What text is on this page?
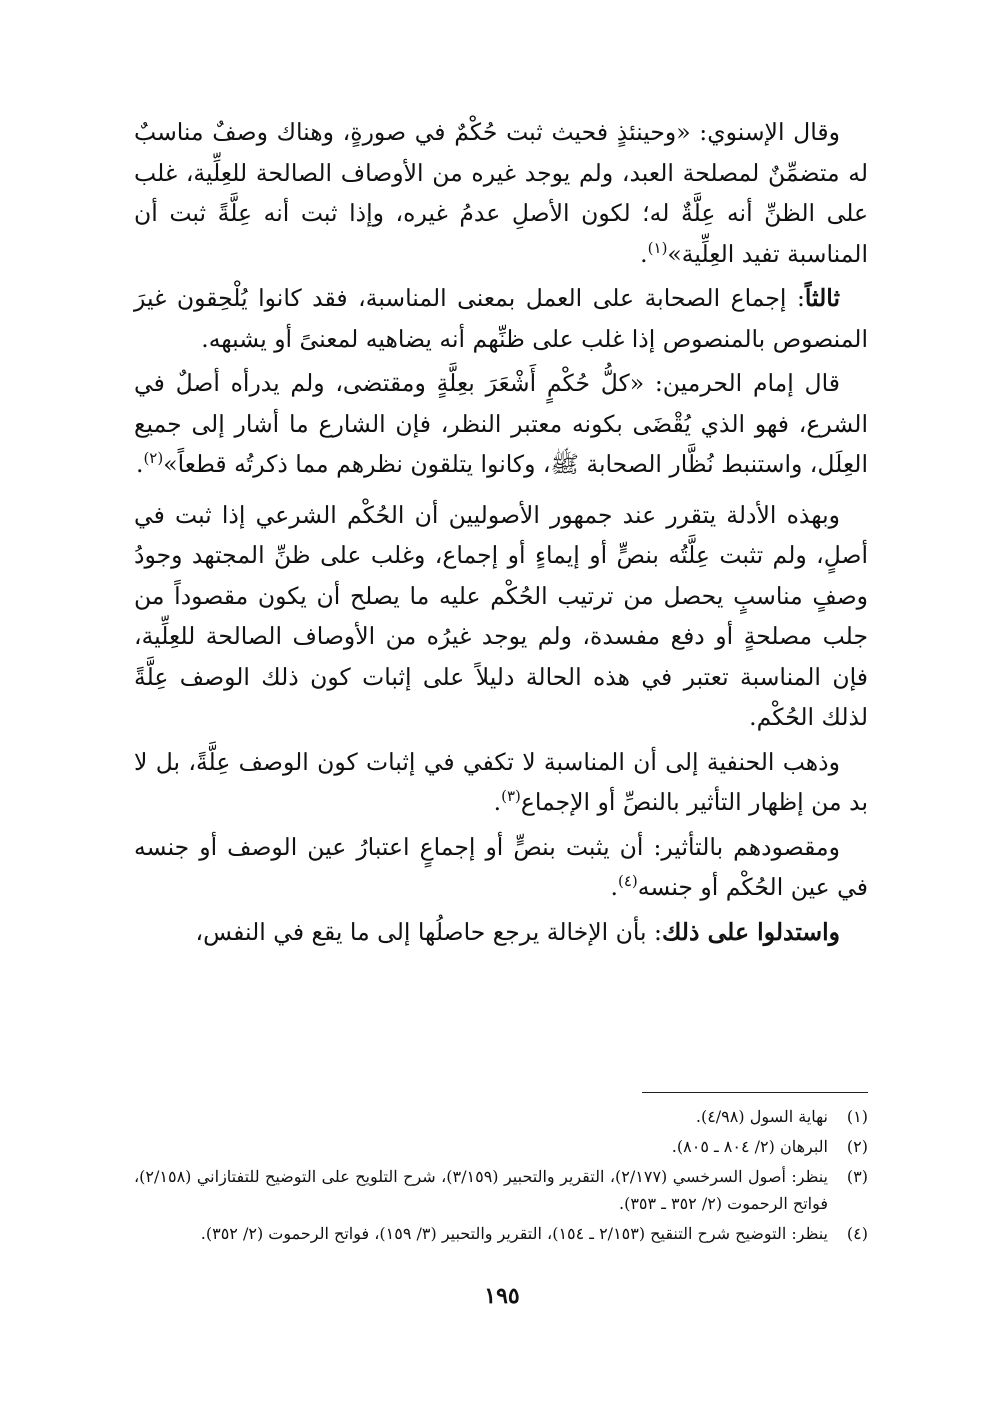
وقال الإسنوي: «وحينئذٍ فحيث ثبت حُكْمٌ في صورةٍ، وهناك وصفٌ مناسبٌ له متضمِّنٌ لمصلحة العبد، ولم يوجد غيره من الأوصاف الصالحة للعِلِّية، غلب على الظنِّ أنه عِلَّةٌ له؛ لكون الأصلِ عدمُ غيره، وإذا ثبت أنه عِلَّةً ثبت أن المناسبة تفيد العِلِّية»$^{(١)}$.

ثالثاً: إجماع الصحابة على العمل بمعنى المناسبة، فقد كانوا يُلْحِقون غيرَ المنصوص بالمنصوص إذا غلب على ظنِّهم أنه يضاهيه لمعنىً أو يشبهه.

قال إمام الحرمين: «كلُّ حُكْمٍ أَشْعَرَ بعِلَّةٍ ومقتضى، ولم يدرأه أصلٌ في الشرع، فهو الذي يُقْضَى بكونه معتبر النظر، فإن الشارع ما أشار إلى جميع العِلَل، واستنبط نُظَّار الصحابة ﷺ، وكانوا يتلقون نظرهم مما ذكرتُه قطعاً»$^{(٢)}$.

وبهذه الأدلة يتقرر عند جمهور الأصوليين أن الحُكْم الشرعي إذا ثبت في أصلٍ، ولم تثبت عِلَّتُه بنصٍّ أو إيماءٍ أو إجماع، وغلب على ظنِّ المجتهد وجودُ وصفٍ مناسبٍ يحصل من ترتيب الحُكْم عليه ما يصلح أن يكون مقصوداً من جلب مصلحةٍ أو دفع مفسدة، ولم يوجد غيرُه من الأوصاف الصالحة للعِلِّية، فإن المناسبة تعتبر في هذه الحالة دليلاً على إثبات كون ذلك الوصف عِلَّةً لذلك الحُكْم.

وذهب الحنفية إلى أن المناسبة لا تكفي في إثبات كون الوصف عِلَّةً، بل لا بد من إظهار التأثير بالنصِّ أو الإجماع$^{(٣)}$.

ومقصودهم بالتأثير: أن يثبت بنصٍّ أو إجماعٍ اعتبارُ عين الوصف أو جنسه في عين الحُكْم أو جنسه$^{(٤)}$.

واستدلوا على ذلك: بأن الإخالة يرجع حاصلُها إلى ما يقع في النفس،

(١)
نهاية السول (٤/٩٨).
(٢)
البرهان (٢/ ٨٠٤ ـ ٨٠٥).
(٣)
ينظر: أصول السرخسي (٢/١٧٧)، التقرير والتحبير (٣/١٥٩)، شرح التلويح على التوضيح للتفتازاني (٢/١٥٨)، فواتح الرحموت (٢/ ٣٥٢ ـ ٣٥٣).
(٤)
ينظر: التوضيح شرح التنقيح (٢/١٥٣ ـ ١٥٤)، التقرير والتحبير (٣/ ١٥٩)، فواتح الرحموت (٢/ ٣٥٢).
١٩٥
